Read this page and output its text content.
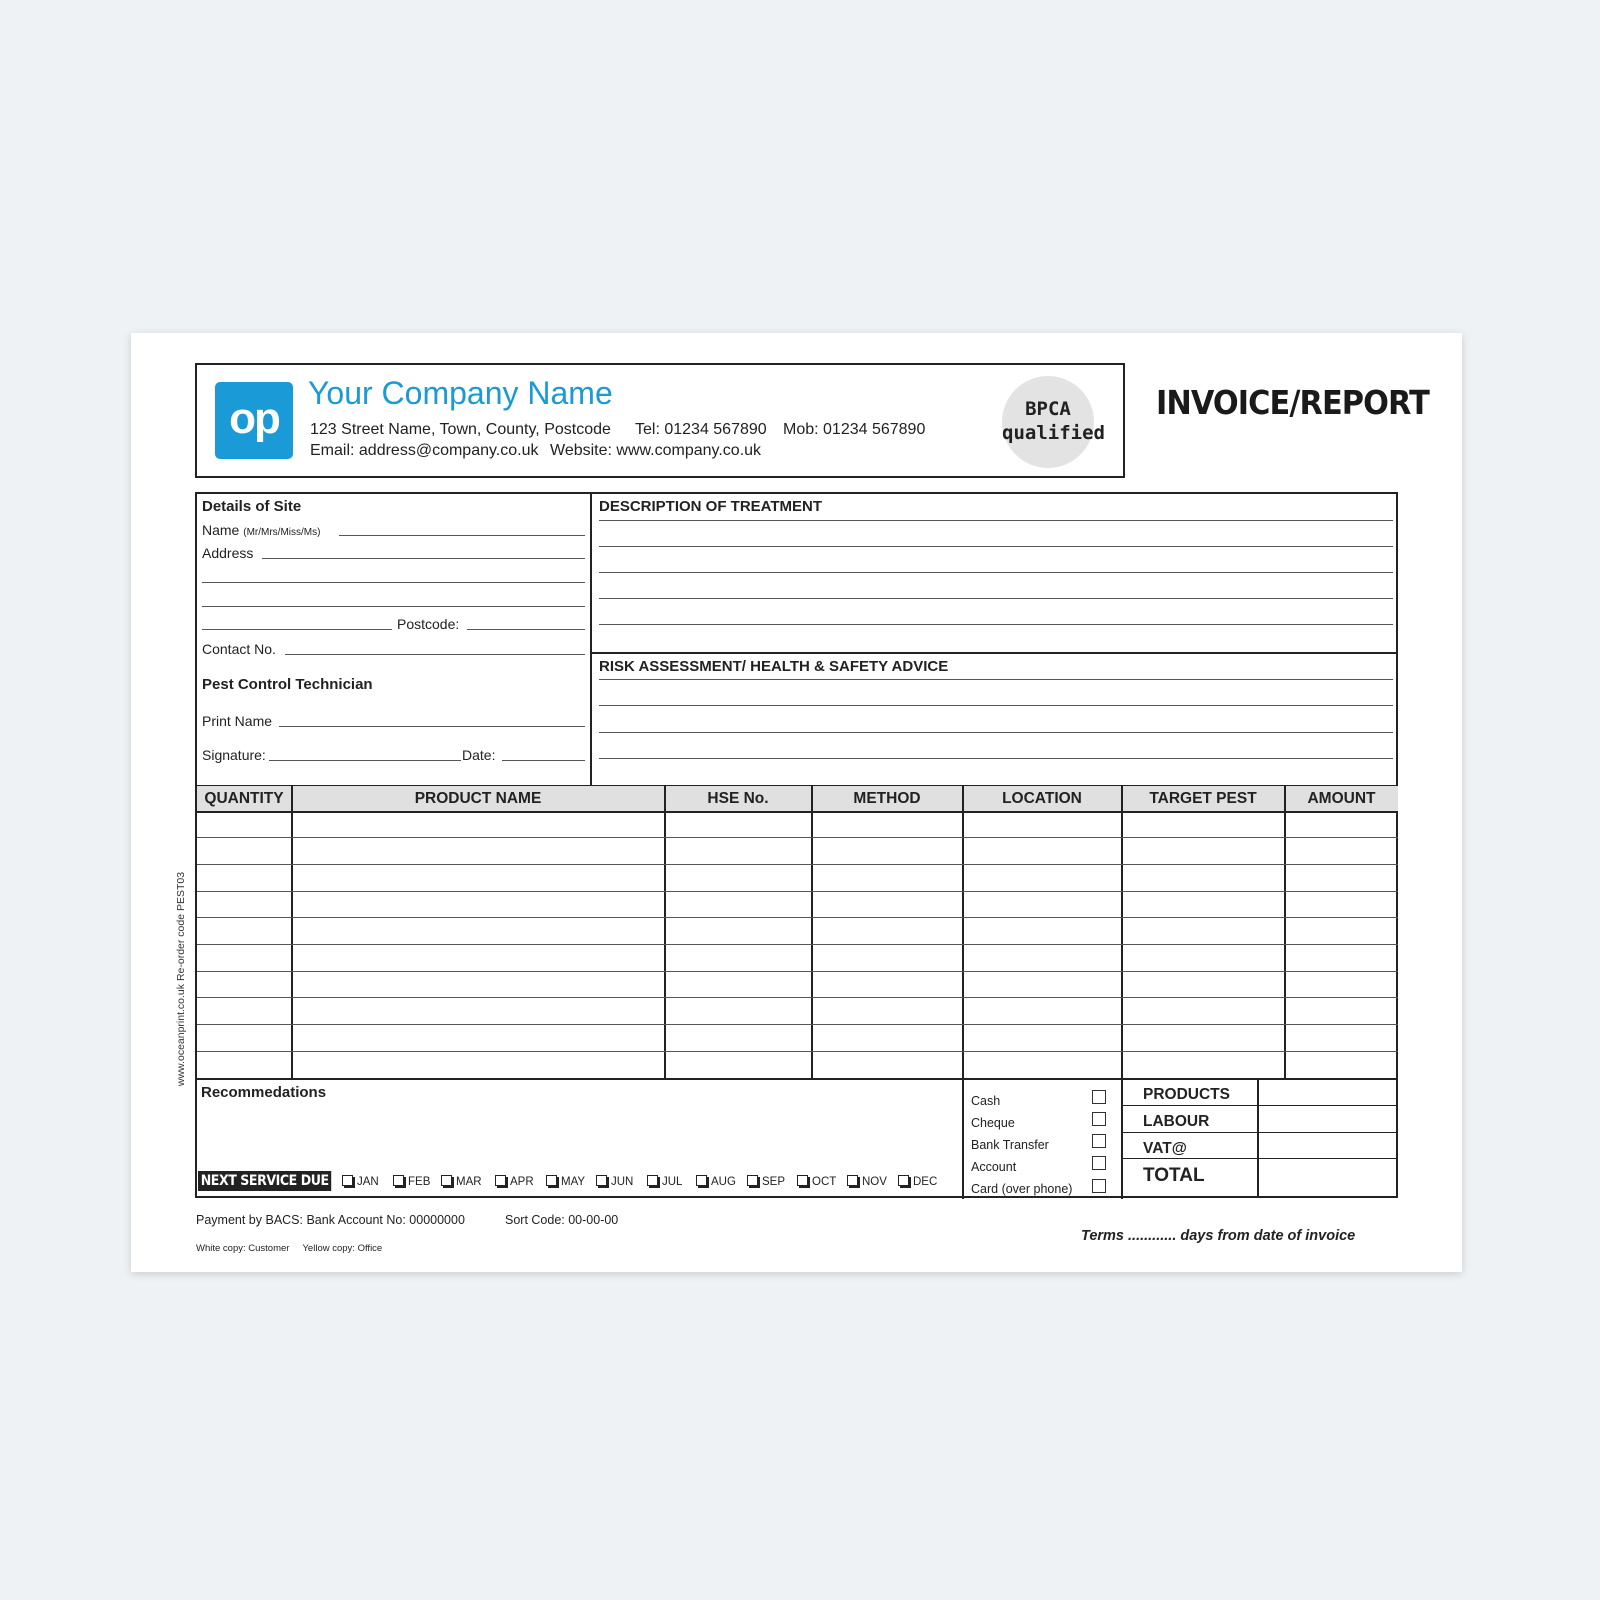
op
Your Company Name
123 Street Name, Town, County, Postcode Tel: 01234 567890 Mob: 01234 567890
Email: address@company.co.uk Website: www.company.co.uk
BPCA
qualified
INVOICE/REPORT
Details of Site
Name (Mr/Mrs/Miss/Ms)
Address
Postcode:
Contact No.
Pest Control Technician
Print Name
Signature:	Date:
DESCRIPTION OF TREATMENT
RISK ASSESSMENT/ HEALTH & SAFETY ADVICE
QUANTITY	PRODUCT NAME	HSE No.	METHOD	LOCATION	TARGET PEST	AMOUNT
Recommedations
NEXT SERVICE DUE	JAN	FEB	MAR	APR	MAY	JUN	JUL	AUG	SEP	OCT	NOV	DEC
Cash
Cheque
Bank Transfer
Account
Card (over phone)
PRODUCTS
LABOUR
VAT@
TOTAL
Payment by BACS: Bank Account No: 00000000	Sort Code: 00-00-00
White copy: Customer     Yellow copy: Office
Terms ............ days from date of invoice
www.oceanprint.co.uk Re-order code PEST03
